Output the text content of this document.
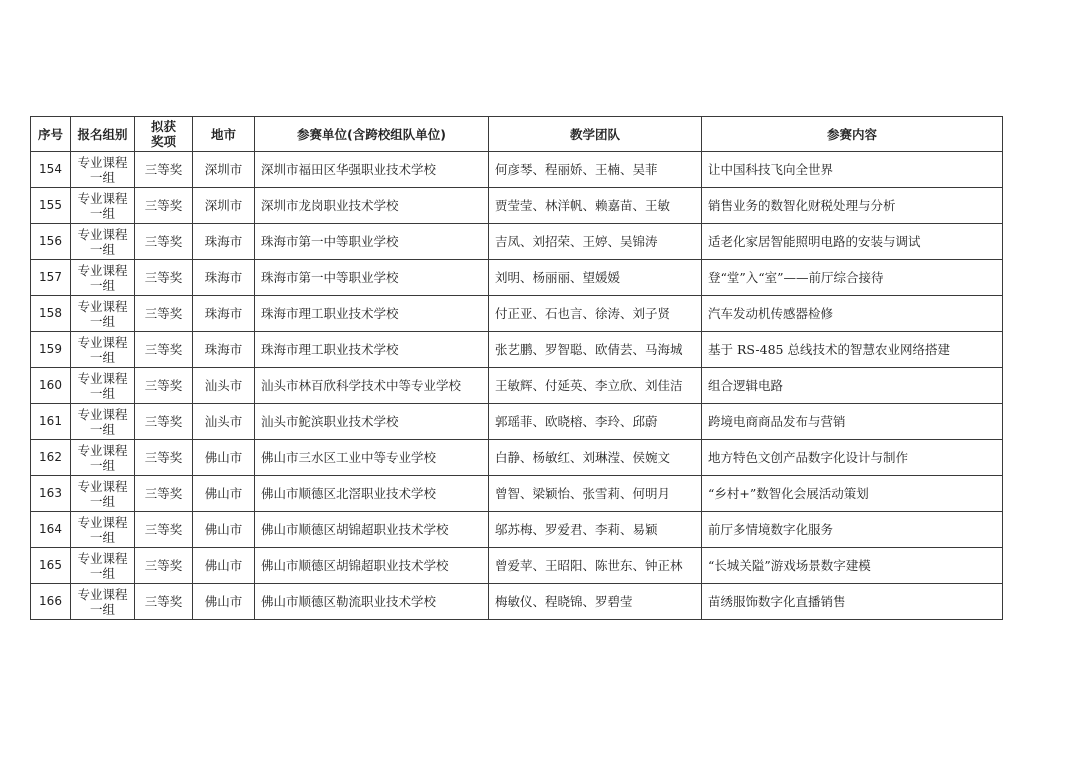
序号	报名组别	拟获奖项	地市	参赛单位(含跨校组队单位)	教学团队	参赛内容
154	专业课程一组	三等奖	深圳市	深圳市福田区华强职业技术学校	何彦琴、程丽娇、王楠、吴菲	让中国科技飞向全世界
155	专业课程一组	三等奖	深圳市	深圳市龙岗职业技术学校	贾莹莹、林洋帆、赖嘉苗、王敏	销售业务的数智化财税处理与分析
156	专业课程一组	三等奖	珠海市	珠海市第一中等职业学校	吉凤、刘招荣、王婷、吴锦涛	适老化家居智能照明电路的安装与调试
157	专业课程一组	三等奖	珠海市	珠海市第一中等职业学校	刘明、杨丽丽、望媛媛	登“堂”入“室”——前厅综合接待
158	专业课程一组	三等奖	珠海市	珠海市理工职业技术学校	付正亚、石也言、徐涛、刘子贤	汽车发动机传感器检修
159	专业课程一组	三等奖	珠海市	珠海市理工职业技术学校	张艺鹏、罗智聪、欧倩芸、马海城	基于 RS-485 总线技术的智慧农业网络搭建
160	专业课程一组	三等奖	汕头市	汕头市林百欣科学技术中等专业学校	王敏辉、付延英、李立欣、刘佳洁	组合逻辑电路
161	专业课程一组	三等奖	汕头市	汕头市鮀滨职业技术学校	郭瑶菲、欧晓榕、李玲、邱蔚	跨境电商商品发布与营销
162	专业课程一组	三等奖	佛山市	佛山市三水区工业中等专业学校	白静、杨敏红、刘琳滢、侯婉文	地方特色文创产品数字化设计与制作
163	专业课程一组	三等奖	佛山市	佛山市顺德区北滘职业技术学校	曾智、梁颖怡、张雪莉、何明月	“乡村+”数智化会展活动策划
164	专业课程一组	三等奖	佛山市	佛山市顺德区胡锦超职业技术学校	邬苏梅、罗爱君、李莉、易颖	前厅多情境数字化服务
165	专业课程一组	三等奖	佛山市	佛山市顺德区胡锦超职业技术学校	曾爱苹、王昭阳、陈世东、钟正林	“长城关隘”游戏场景数字建模
166	专业课程一组	三等奖	佛山市	佛山市顺德区勒流职业技术学校	梅敏仪、程晓锦、罗碧莹	苗绣服饰数字化直播销售
